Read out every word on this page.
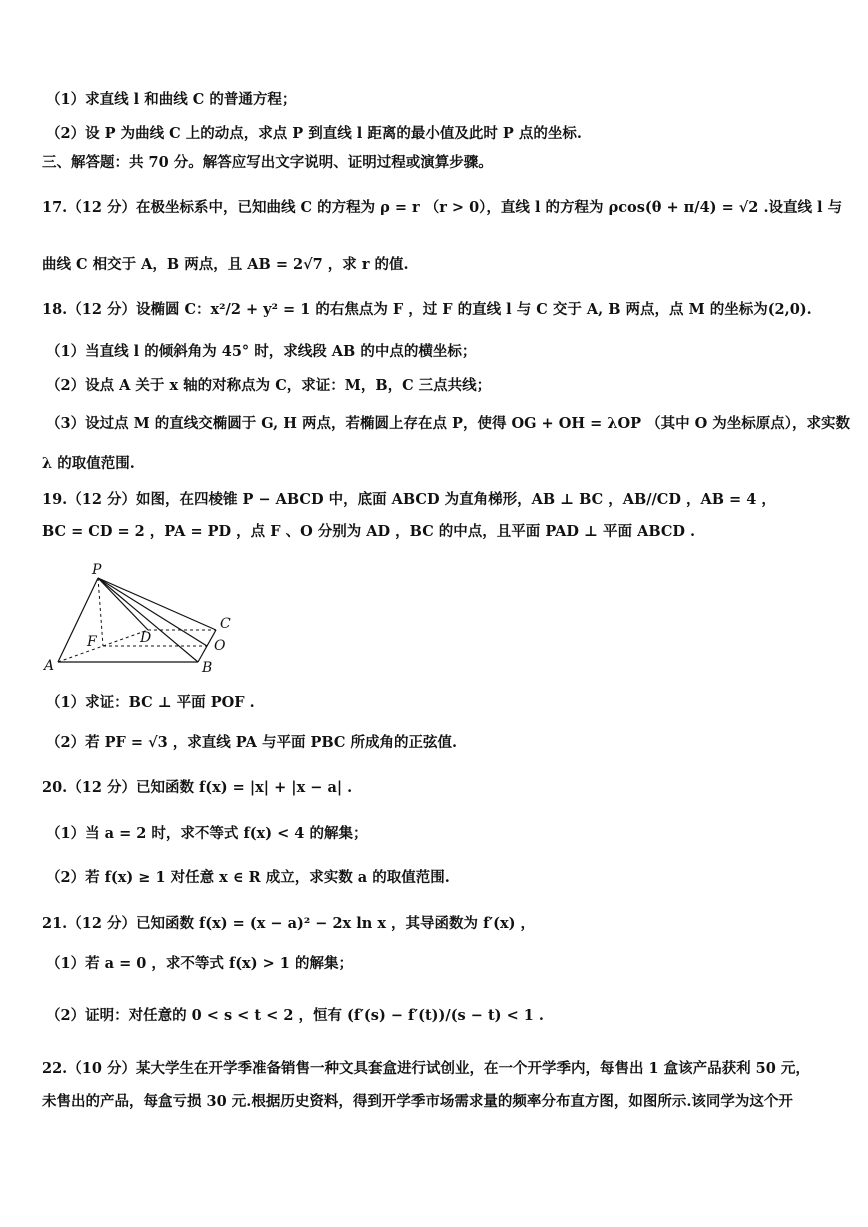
（1）求直线 l 和曲线 C 的普通方程；
（2）设 P 为曲线 C 上的动点，求点 P 到直线 l 距离的最小值及此时 P 点的坐标.
三、解答题：共 70 分。解答应写出文字说明、证明过程或演算步骤。
17.（12 分）在极坐标系中，已知曲线 C 的方程为 ρ = r （r > 0），直线 l 的方程为 ρcos(θ + π/4) = √2 .设直线 l 与
曲线 C 相交于 A，B 两点，且 AB = 2√7 ，求 r 的值.
18.（12 分）设椭圆 C：x²/2 + y² = 1 的右焦点为 F ，过 F 的直线 l 与 C 交于 A, B 两点，点 M 的坐标为(2,0).
（1）当直线 l 的倾斜角为 45° 时，求线段 AB 的中点的横坐标；
（2）设点 A 关于 x 轴的对称点为 C，求证：M，B，C 三点共线；
（3）设过点 M 的直线交椭圆于 G, H 两点，若椭圆上存在点 P，使得 OG + OH = λOP （其中 O 为坐标原点），求实数
λ 的取值范围.
19.（12 分）如图，在四棱锥 P − ABCD 中，底面 ABCD 为直角梯形，AB ⊥ BC ，AB//CD ，AB = 4 ，
BC = CD = 2 ，PA = PD ，点 F 、O 分别为 AD ，BC 的中点，且平面 PAD ⊥ 平面 ABCD .
P
C
D
F	O
A	B
（1）求证：BC ⊥ 平面 POF .
（2）若 PF = √3 ，求直线 PA 与平面 PBC 所成角的正弦值.
20.（12 分）已知函数 f(x) = |x| + |x − a| .
（1）当 a = 2 时，求不等式 f(x) < 4 的解集；
（2）若 f(x) ≥ 1 对任意 x ∈ R 成立，求实数 a 的取值范围.
21.（12 分）已知函数 f(x) = (x − a)² − 2x ln x ，其导函数为 f′(x) ，
（1）若 a = 0 ，求不等式 f(x) > 1 的解集；
（2）证明：对任意的 0 < s < t < 2 ，恒有 (f′(s) − f′(t))/(s − t) < 1 .
22.（10 分）某大学生在开学季准备销售一种文具套盒进行试创业，在一个开学季内，每售出 1 盒该产品获利 50 元，
未售出的产品，每盒亏损 30 元.根据历史资料，得到开学季市场需求量的频率分布直方图，如图所示.该同学为这个开
